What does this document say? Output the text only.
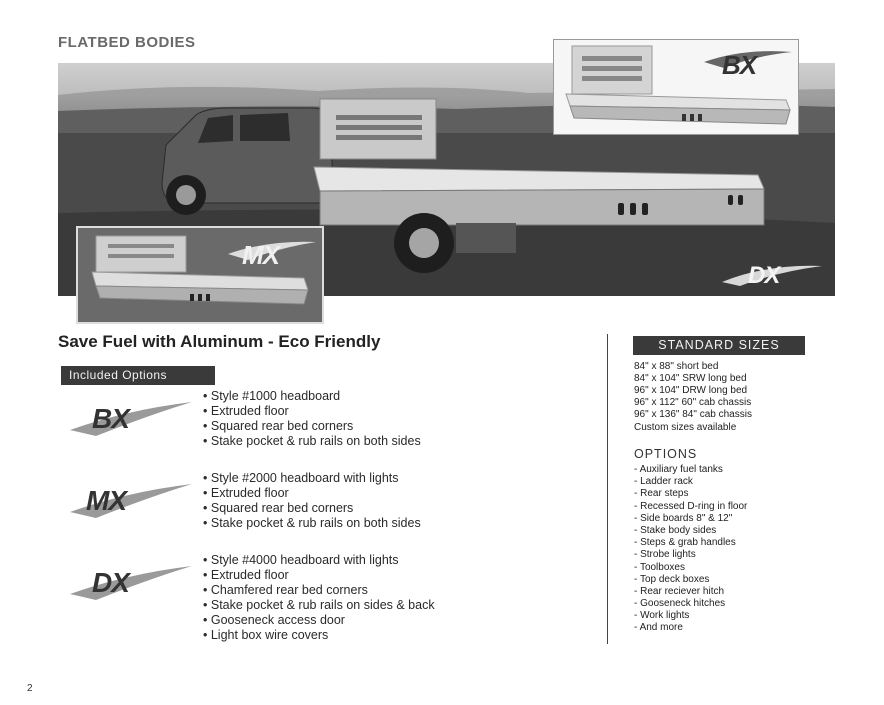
FLATBED BODIES
BX
MX
DX
Save Fuel with Aluminum - Eco Friendly
Included Options
BX
MX
DX
• Style #1000 headboard
• Extruded floor
• Squared rear bed corners
• Stake pocket & rub rails on both sides
• Style #2000 headboard with lights
• Extruded floor
• Squared rear bed corners
• Stake pocket & rub rails on both sides
• Style #4000 headboard with lights
• Extruded floor
• Chamfered rear bed corners
• Stake pocket & rub rails on sides & back
• Gooseneck access door
• Light box wire covers
STANDARD SIZES
84" x 88" short bed
84" x 104" SRW long bed
96" x 104" DRW long bed
96" x 112" 60" cab chassis
96" x 136" 84" cab chassis
Custom sizes available
OPTIONS
- Auxiliary fuel tanks
- Ladder rack
- Rear steps
- Recessed D-ring in floor
- Side boards 8" & 12"
- Stake body sides
- Steps & grab handles
- Strobe lights
- Toolboxes
- Top deck boxes
- Rear reciever hitch
- Gooseneck hitches
- Work lights
- And more
2
